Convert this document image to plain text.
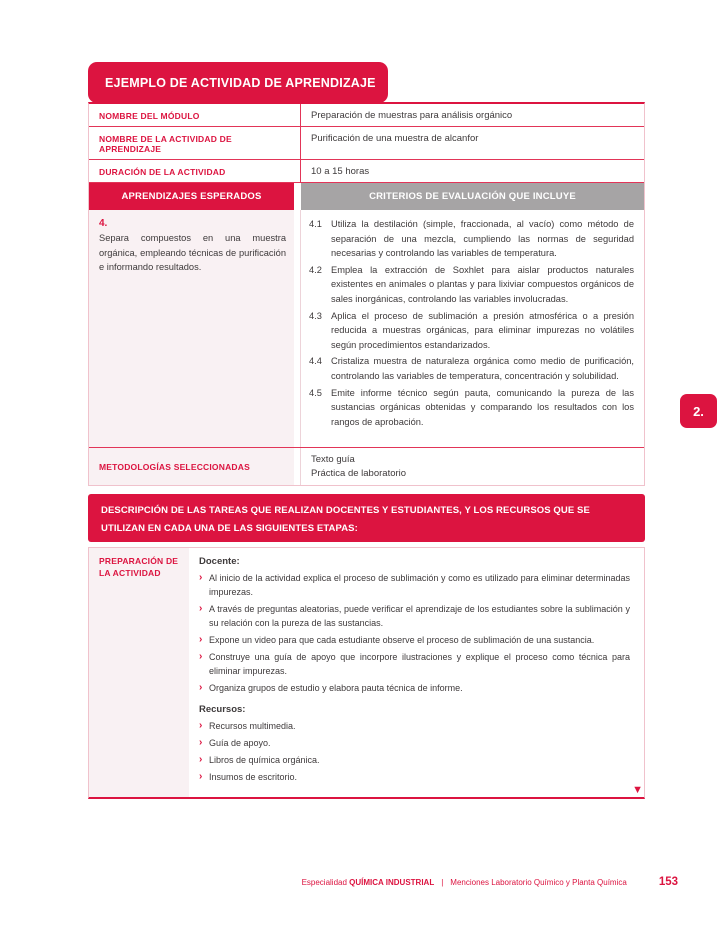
EJEMPLO DE ACTIVIDAD DE APRENDIZAJE
NOMBRE DEL MÓDULO	Preparación de muestras para análisis orgánico
NOMBRE DE LA ACTIVIDAD DE APRENDIZAJE
Purificación de una muestra de alcanfor
DURACIÓN DE LA ACTIVIDAD	10 a 15 horas
APRENDIZAJES ESPERADOS	CRITERIOS DE EVALUACIÓN QUE INCLUYE
4.
Separa compuestos en una muestra orgánica, empleando técnicas de purificación e informando resultados.
4.1 Utiliza la destilación (simple, fraccionada, al vacío) como método de separación de una mezcla, cumpliendo las normas de seguridad necesarias y controlando las variables de temperatura.
4.2 Emplea la extracción de Soxhlet para aislar productos naturales existentes en animales o plantas y para lixiviar compuestos orgánicos de sales inorgánicas, controlando las variables involucradas.
4.3 Aplica el proceso de sublimación a presión atmosférica o a presión reducida a muestras orgánicas, para eliminar impurezas no volátiles según procedimientos estandarizados.
4.4 Cristaliza muestra de naturaleza orgánica como medio de purificación, controlando las variables de temperatura, concentración y solubilidad.
4.5 Emite informe técnico según pauta, comunicando la pureza de las sustancias orgánicas obtenidas y comparando los resultados con los rangos de aprobación.
METODOLOGÍAS SELECCIONADAS
Texto guía
Práctica de laboratorio
DESCRIPCIÓN DE LAS TAREAS QUE REALIZAN DOCENTES Y ESTUDIANTES, Y LOS RECURSOS QUE SE UTILIZAN EN CADA UNA DE LAS SIGUIENTES ETAPAS:
PREPARACIÓN DE LA ACTIVIDAD
Docente:
› Al inicio de la actividad explica el proceso de sublimación y como es utilizado para eliminar determinadas impurezas.
› A través de preguntas aleatorias, puede verificar el aprendizaje de los estudiantes sobre la sublimación y su relación con la pureza de las sustancias.
› Expone un video para que cada estudiante observe el proceso de sublimación de una sustancia.
› Construye una guía de apoyo que incorpore ilustraciones y explique el proceso como técnica para eliminar impurezas.
› Organiza grupos de estudio y elabora pauta técnica de informe.
Recursos:
› Recursos multimedia.
› Guía de apoyo.
› Libros de química orgánica.
› Insumos de escritorio.
▼
2.
Especialidad
QUÍMICA INDUSTRIAL | Menciones Laboratorio Químico y Planta Química	153
